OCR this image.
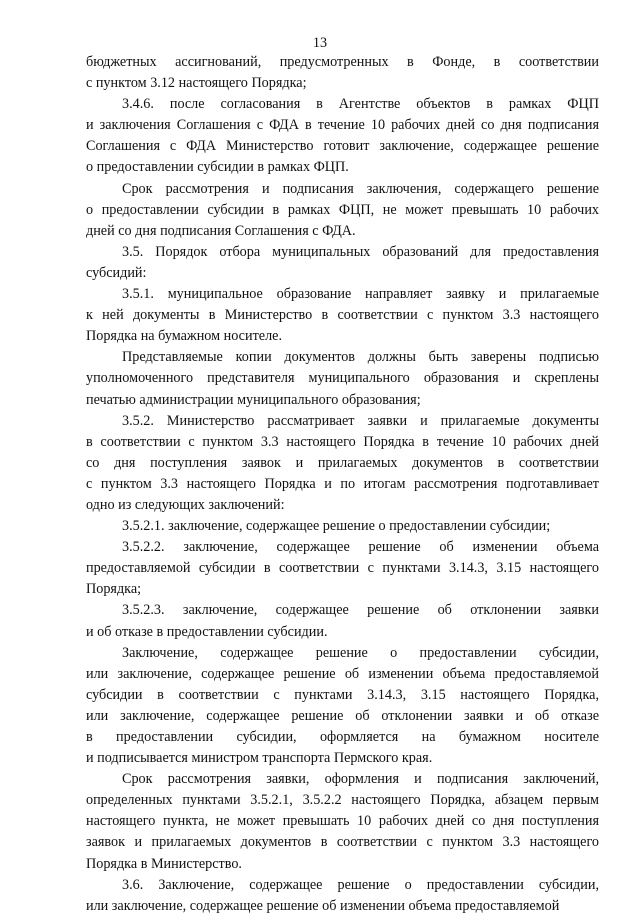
13
бюджетных ассигнований, предусмотренных в Фонде, в соответствии
с пунктом 3.12 настоящего Порядка;
3.4.6. после согласования в Агентстве объектов в рамках ФЦП
и заключения Соглашения с ФДА в течение 10 рабочих дней со дня подписания
Соглашения с ФДА Министерство готовит заключение, содержащее решение
о предоставлении субсидии в рамках ФЦП.
Срок рассмотрения и подписания заключения, содержащего решение
о предоставлении субсидии в рамках ФЦП, не может превышать 10 рабочих
дней со дня подписания Соглашения с ФДА.
3.5. Порядок отбора муниципальных образований для предоставления
субсидий:
3.5.1. муниципальное образование направляет заявку и прилагаемые
к ней документы в Министерство в соответствии с пунктом 3.3 настоящего
Порядка на бумажном носителе.
Представляемые копии документов должны быть заверены подписью
уполномоченного представителя муниципального образования и скреплены
печатью администрации муниципального образования;
3.5.2. Министерство рассматривает заявки и прилагаемые документы
в соответствии с пунктом 3.3 настоящего Порядка в течение 10 рабочих дней
со дня поступления заявок и прилагаемых документов в соответствии
с пунктом 3.3 настоящего Порядка и по итогам рассмотрения подготавливает
одно из следующих заключений:
3.5.2.1. заключение, содержащее решение о предоставлении субсидии;
3.5.2.2. заключение, содержащее решение об изменении объема
предоставляемой субсидии в соответствии с пунктами 3.14.3, 3.15 настоящего
Порядка;
3.5.2.3. заключение, содержащее решение об отклонении заявки
и об отказе в предоставлении субсидии.
Заключение, содержащее решение о предоставлении субсидии,
или заключение, содержащее решение об изменении объема предоставляемой
субсидии в соответствии с пунктами 3.14.3, 3.15 настоящего Порядка,
или заключение, содержащее решение об отклонении заявки и об отказе
в предоставлении субсидии, оформляется на бумажном носителе
и подписывается министром транспорта Пермского края.
Срок рассмотрения заявки, оформления и подписания заключений,
определенных пунктами 3.5.2.1, 3.5.2.2 настоящего Порядка, абзацем первым
настоящего пункта, не может превышать 10 рабочих дней со дня поступления
заявок и прилагаемых документов в соответствии с пунктом 3.3 настоящего
Порядка в Министерство.
3.6. Заключение, содержащее решение о предоставлении субсидии,
или заключение, содержащее решение об изменении объема предоставляемой
